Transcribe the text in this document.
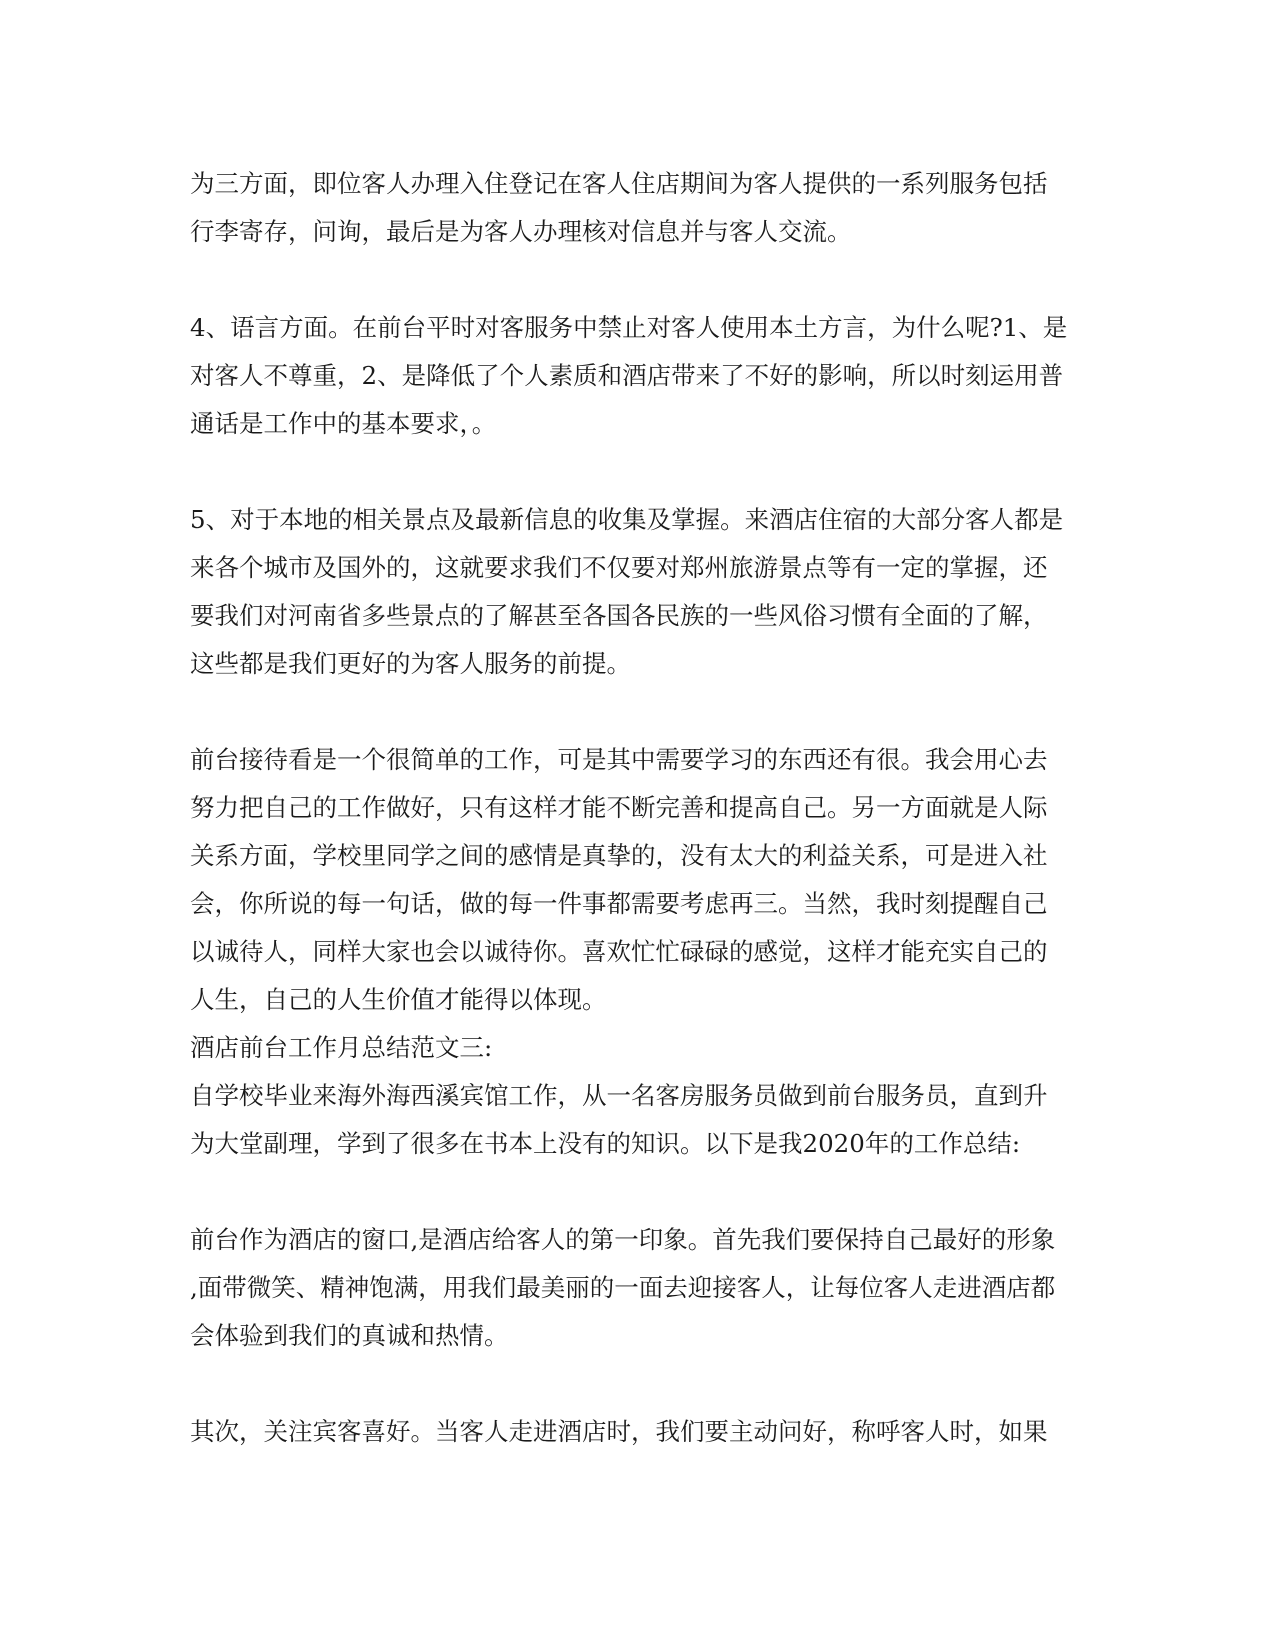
为三方面，即位客人办理入住登记在客人住店期间为客人提供的一系列服务包括
行李寄存，问询，最后是为客人办理核对信息并与客人交流。
4、语言方面。在前台平时对客服务中禁止对客人使用本土方言，为什么呢?1、是
对客人不尊重，2、是降低了个人素质和酒店带来了不好的影响，所以时刻运用普
通话是工作中的基本要求，。
5、对于本地的相关景点及最新信息的收集及掌握。来酒店住宿的大部分客人都是
来各个城市及国外的，这就要求我们不仅要对郑州旅游景点等有一定的掌握，还
要我们对河南省多些景点的了解甚至各国各民族的一些风俗习惯有全面的了解，
这些都是我们更好的为客人服务的前提。
前台接待看是一个很简单的工作，可是其中需要学习的东西还有很。我会用心去
努力把自己的工作做好，只有这样才能不断完善和提高自己。另一方面就是人际
关系方面，学校里同学之间的感情是真挚的，没有太大的利益关系，可是进入社
会，你所说的每一句话，做的每一件事都需要考虑再三。当然，我时刻提醒自己
以诚待人，同样大家也会以诚待你。喜欢忙忙碌碌的感觉，这样才能充实自己的
人生，自己的人生价值才能得以体现。
酒店前台工作月总结范文三:
自学校毕业来海外海西溪宾馆工作，从一名客房服务员做到前台服务员，直到升
为大堂副理，学到了很多在书本上没有的知识。以下是我2020年的工作总结:
前台作为酒店的窗口,是酒店给客人的第一印象。首先我们要保持自己最好的形象
,面带微笑、精神饱满，用我们最美丽的一面去迎接客人，让每位客人走进酒店都
会体验到我们的真诚和热情。
其次，关注宾客喜好。当客人走进酒店时，我们要主动问好，称呼客人时，如果
